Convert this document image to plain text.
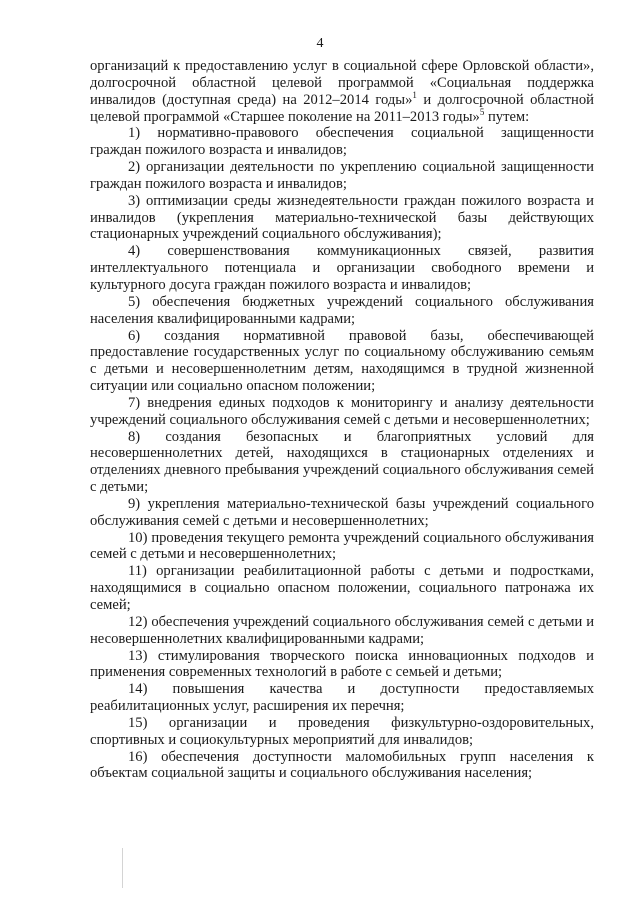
4

организаций к предоставлению услуг в социальной сфере Орловской области», долгосрочной областной целевой программой «Социальная поддержка инвалидов (доступная среда) на 2012–2014 годы»$^1$ и долгосрочной областной целевой программой «Старшее поколение на 2011–2013 годы»$^5$ путем:

1) нормативно-правового обеспечения социальной защищенности граждан пожилого возраста и инвалидов;

2) организации деятельности по укреплению социальной защищенности граждан пожилого возраста и инвалидов;

3) оптимизации среды жизнедеятельности граждан пожилого возраста и инвалидов (укрепления материально-технической базы действующих стационарных учреждений социального обслуживания);

4) совершенствования коммуникационных связей, развития интеллектуального потенциала и организации свободного времени и культурного досуга граждан пожилого возраста и инвалидов;

5) обеспечения бюджетных учреждений социального обслуживания населения квалифицированными кадрами;

6) создания нормативной правовой базы, обеспечивающей предоставление государственных услуг по социальному обслуживанию семьям с детьми и несовершеннолетним детям, находящимся в трудной жизненной ситуации или социально опасном положении;

7) внедрения единых подходов к мониторингу и анализу деятельности учреждений социального обслуживания семей с детьми и несовершеннолетних;

8) создания безопасных и благоприятных условий для несовершеннолетних детей, находящихся в стационарных отделениях и отделениях дневного пребывания учреждений социального обслуживания семей с детьми;

9) укрепления материально-технической базы учреждений социального обслуживания семей с детьми и несовершеннолетних;

10) проведения текущего ремонта учреждений социального обслуживания семей с детьми и несовершеннолетних;

11) организации реабилитационной работы с детьми и подростками, находящимися в социально опасном положении, социального патронажа их семей;

12) обеспечения учреждений социального обслуживания семей с детьми и несовершеннолетних квалифицированными кадрами;

13) стимулирования творческого поиска инновационных подходов и применения современных технологий в работе с семьей и детьми;

14) повышения качества и доступности предоставляемых реабилитационных услуг, расширения их перечня;

15) организации и проведения физкультурно-оздоровительных, спортивных и социокультурных мероприятий для инвалидов;

16) обеспечения доступности маломобильных групп населения к объектам социальной защиты и социального обслуживания населения;
